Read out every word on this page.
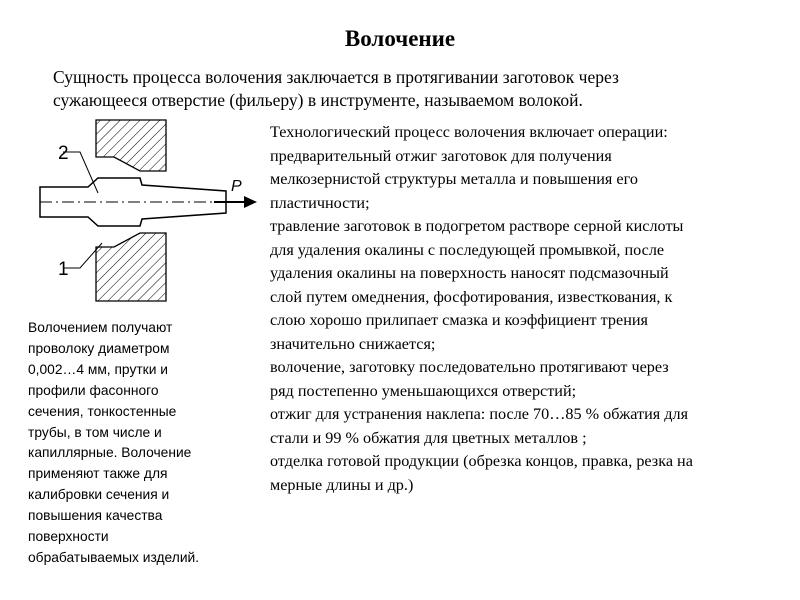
Волочение
Сущность процесса волочения заключается в протягивании заготовок через
сужающееся отверстие (фильеру) в инструменте, называемом волокой.
2
1
P
Технологический процесс волочения включает операции:
предварительный отжиг заготовок для получения
мелкозернистой структуры металла и повышения его
пластичности;
травление заготовок в подогретом растворе серной кислоты
для удаления окалины с последующей промывкой, после
удаления окалины на поверхность наносят подсмазочный
слой путем омеднения, фосфотирования, известкования, к
слою хорошо прилипает смазка и коэффициент трения
значительно снижается;
волочение, заготовку последовательно протягивают через
ряд постепенно уменьшающихся отверстий;
отжиг для устранения наклепа: после 70…85 % обжатия для
стали и 99 % обжатия для цветных металлов ;
отделка готовой продукции (обрезка концов, правка, резка на
мерные длины и др.)
Волочением получают
проволоку диаметром
0,002…4 мм, прутки и
профили фасонного
сечения, тонкостенные
трубы, в том числе и
капиллярные. Волочение
применяют также для
калибровки сечения и
повышения качества
поверхности
обрабатываемых изделий.
